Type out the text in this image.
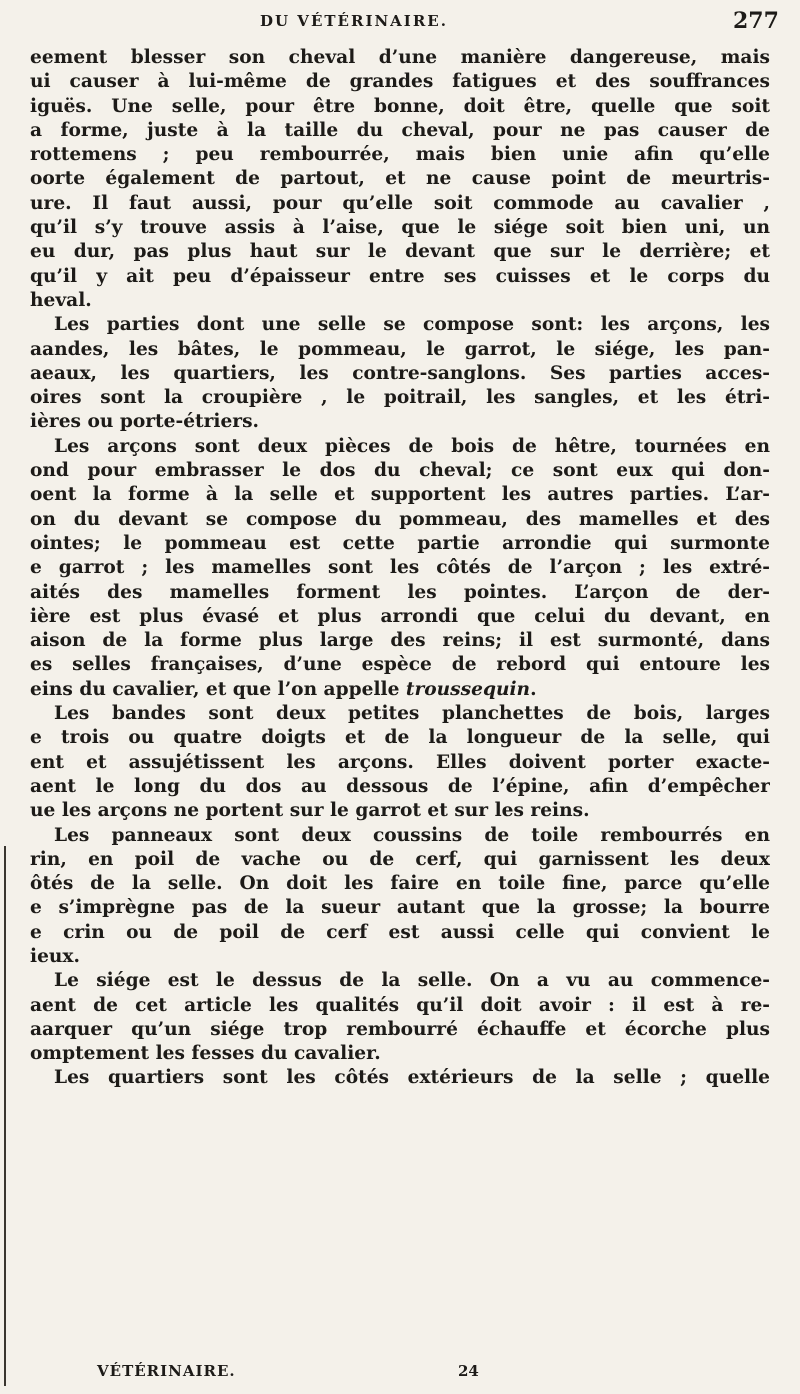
DU VÉTÉRINAIRE.	277
eement blesser son cheval d’une manière dangereuse, mais
ui causer à lui-même de grandes fatigues et des souffrances
iguës. Une selle, pour être bonne, doit être, quelle que soit
a forme, juste à la taille du cheval, pour ne pas causer de
rottemens ; peu rembourrée, mais bien unie afin qu’elle
oorte également de partout, et ne cause point de meurtris-
ure. Il faut aussi, pour qu’elle soit commode au cavalier ,
qu’il s’y trouve assis à l’aise, que le siége soit bien uni, un
eu dur, pas plus haut sur le devant que sur le derrière; et
qu’il y ait peu d’épaisseur entre ses cuisses et le corps du
heval.
Les parties dont une selle se compose sont: les arçons, les
aandes, les bâtes, le pommeau, le garrot, le siége, les pan-
aeaux, les quartiers, les contre-sanglons. Ses parties acces-
oires sont la croupière , le poitrail, les sangles, et les étri-
ières ou porte-étriers.
Les arçons sont deux pièces de bois de hêtre, tournées en
ond pour embrasser le dos du cheval; ce sont eux qui don-
oent la forme à la selle et supportent les autres parties. L’ar-
on du devant se compose du pommeau, des mamelles et des
ointes; le pommeau est cette partie arrondie qui surmonte
e garrot ; les mamelles sont les côtés de l’arçon ; les extré-
aités des mamelles forment les pointes. L’arçon de der-
ière est plus évasé et plus arrondi que celui du devant, en
aison de la forme plus large des reins; il est surmonté, dans
es selles françaises, d’une espèce de rebord qui entoure les
eins du cavalier, et que l’on appelle troussequin.
Les bandes sont deux petites planchettes de bois, larges
e trois ou quatre doigts et de la longueur de la selle, qui
ent et assujétissent les arçons. Elles doivent porter exacte-
aent le long du dos au dessous de l’épine, afin d’empêcher
ue les arçons ne portent sur le garrot et sur les reins.
Les panneaux sont deux coussins de toile rembourrés en
rin, en poil de vache ou de cerf, qui garnissent les deux
ôtés de la selle. On doit les faire en toile fine, parce qu’elle
e s’imprègne pas de la sueur autant que la grosse; la bourre
e crin ou de poil de cerf est aussi celle qui convient le
ieux.
Le siége est le dessus de la selle. On a vu au commence-
aent de cet article les qualités qu’il doit avoir : il est à re-
aarquer qu’un siége trop rembourré échauffe et écorche plus
omptement les fesses du cavalier.
Les quartiers sont les côtés extérieurs de la selle ; quelle
VÉTÉRINAIRE.	24
